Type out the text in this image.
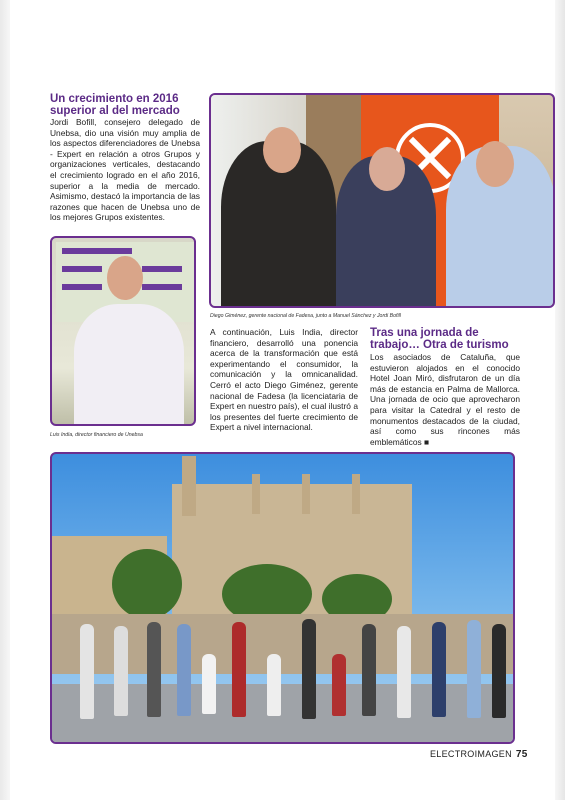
Un crecimiento en 2016 superior al del mercado
Jordi Bofill, consejero delegado de Unebsa, dio una visión muy amplia de los aspectos diferenciadores de Unebsa - Expert en relación a otros Grupos y organizaciones verticales, destacando el crecimiento logrado en el año 2016, superior a la media de mercado. Asimismo, destacó la importancia de las razones que hacen de Unebsa uno de los mejores Grupos existentes.
Diego Giménez, gerente nacional de Fadesa, junto a Manuel Sánchez y Jordi Bofill
Luis India, director financiero de Unebsa
A continuación, Luis India, director financiero, desarrolló una ponencia acerca de la transformación que está experimentando el consumidor, la comunicación y la omnicanalidad. Cerró el acto Diego Giménez, gerente nacional de Fadesa (la licenciataria de Expert en nuestro país), el cual ilustró a los presentes del fuerte crecimiento de Expert a nivel internacional.
Tras una jornada de trabajo… Otra de turismo
Los asociados de Cataluña, que estuvieron alojados en el conocido Hotel Joan Miró, disfrutaron de un día más de estancia en Palma de Mallorca. Una jornada de ocio que aprovecharon para visitar la Catedral y el resto de monumentos destacados de la ciudad, así como sus rincones más emblemáticos ■
ELECTROIMAGEN 75
